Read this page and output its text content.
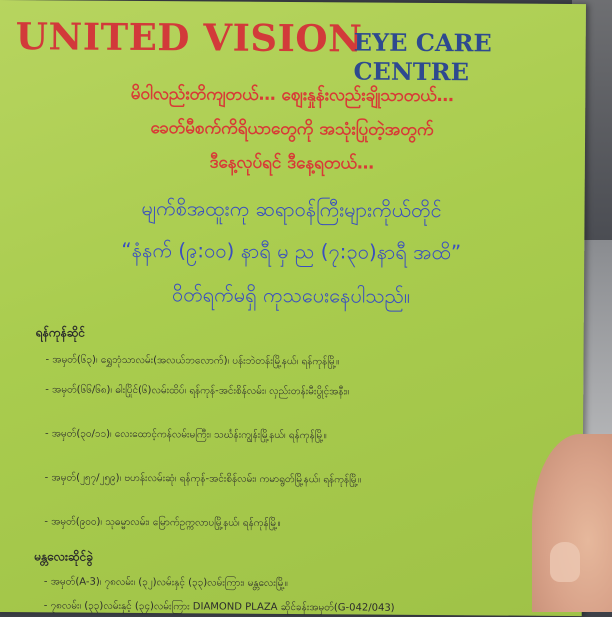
UNITED VISION
EYE CARE CENTRE
မိဝါလည်းတိကျတယ်… ဈေးနှုန်းလည်းချိုသာတယ်…
ခေတ်မီစက်ကိရိယာတွေကို အသုံးပြုတဲ့အတွက်
ဒီနေ့လုပ်ရင် ဒီနေ့ရတယ်…
မျက်စိအထူးကု ဆရာဝန်ကြီးများကိုယ်တိုင်
“နံနက် (၉:၀၀) နာရီ မှ ည (၇:၃၀)နာရီ အထိ”
ဝိတ်ရက်မရှိ ကုသပေးနေပါသည်။
ရန်ကုန်ဆိုင်
- အမှတ်(၆၃)၊ ရွှေဘုံသာလမ်း(အလယ်ဘလောက်)၊ ပန်းဘဲတန်းမြို့နယ်၊ ရန်ကုန်မြို့။
- အမှတ်(၆၆/၆၈)၊ ဓါးပြိုင်(၆)လမ်းထိပ်၊ ရန်ကုန်-အင်းစိန်လမ်း၊ လှည်းတန်းမီးပွိုင့်အနီး။
- အမှတ်(၃၀/၁၁)၊ လေးထောင့်ကန်လမ်းမကြီး၊ သင်္ဃန်းကျွန်းမြို့နယ်၊ ရန်ကုန်မြို့။
- အမှတ်(၂၅၇/၂၅၉)၊ ဗဟန်းလမ်းဆုံ၊ ရန်ကုန်-အင်းစိန်လမ်း၊ ကမာရွတ်မြို့နယ်၊ ရန်ကုန်မြို့။
- အမှတ်(၉၀၀)၊ သုဓမ္မာလမ်း၊ မြောက်ဥက္ကလာပမြို့နယ်၊ ရန်ကုန်မြို့။
မန္တလေးဆိုင်ခွဲ
- အမှတ်(A-3)၊ ၇၈လမ်း၊ (၃၂)လမ်းနှင့် (၃၃)လမ်းကြား၊ မန္တလေးမြို့။
- ၇၈လမ်း၊ (၃၃)လမ်းနှင့် (၃၄)လမ်းကြား DIAMOND PLAZA ဆိုင်ခန်းအမှတ်(G-042/043)
